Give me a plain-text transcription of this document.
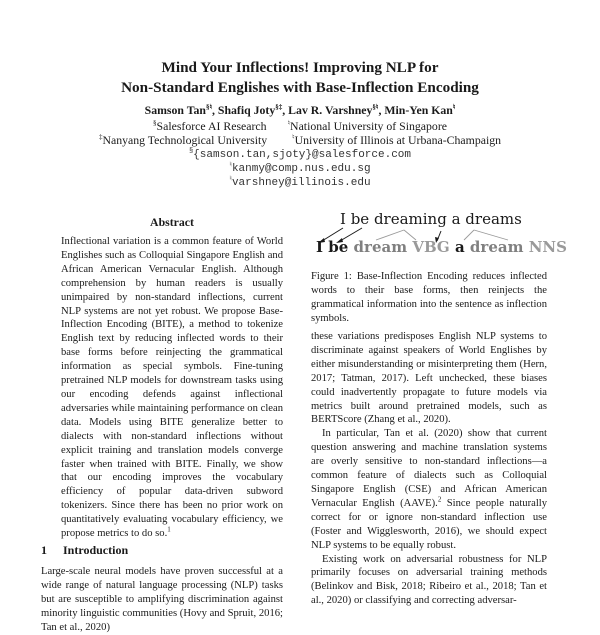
Mind Your Inflections! Improving NLP for
Non-Standard Englishes with Base-Inflection Encoding
Samson Tan§♮, Shafiq Joty§‡, Lav R. Varshney§♮, Min-Yen Kan♮
§Salesforce AI Research	♮National University of Singapore
‡Nanyang Technological University	♮University of Illinois at Urbana-Champaign
§{samson.tan,sjoty}@salesforce.com
♮kanmy@comp.nus.edu.sg
♮varshney@illinois.edu
Abstract

Inflectional variation is a common feature of World Englishes such as Colloquial Singapore English and African American Vernacular English. Although comprehension by human readers is usually unimpaired by non-standard inflections, current NLP systems are not yet robust. We propose Base-Inflection Encoding (BITE), a method to tokenize English text by reducing inflected words to their base forms before reinjecting the grammatical information as special symbols. Fine-tuning pretrained NLP models for downstream tasks using our encoding defends against inflectional adversaries while maintaining performance on clean data. Models using BITE generalize better to dialects with non-standard inflections without explicit training and translation models converge faster when trained with BITE. Finally, we show that our encoding improves the vocabulary efficiency of popular data-driven subword tokenizers. Since there has been no prior work on quantitatively evaluating vocabulary efficiency, we propose metrics to do so.$^1$

1 Introduction

Large-scale neural models have proven successful at a wide range of natural language processing (NLP) tasks but are susceptible to amplifying discrimination against minority linguistic communities (Hovy and Spruit, 2016; Tan et al., 2020)

I be dreaming a dreams
I be dream VBG a dream NNS
Figure 1: Base-Inflection Encoding reduces inflected words to their base forms, then reinjects the grammatical information into the sentence as inflection symbols.

these variations predisposes English NLP systems to discriminate against speakers of World Englishes by either misunderstanding or misinterpreting them (Hern, 2017; Tatman, 2017). Left unchecked, these biases could inadvertently propagate to future models via metrics built around pretrained models, such as BERTScore (Zhang et al., 2020).

In particular, Tan et al. (2020) show that current question answering and machine translation systems are overly sensitive to non-standard inflections—a common feature of dialects such as Colloquial Singapore English (CSE) and African American Vernacular English (AAVE).$^2$ Since people naturally correct for or ignore non-standard inflection use (Foster and Wigglesworth, 2016), we should expect NLP systems to be equally robust.

Existing work on adversarial robustness for NLP primarily focuses on adversarial training methods (Belinkov and Bisk, 2018; Ribeiro et al., 2018; Tan et al., 2020) or classifying and correcting adversar-
